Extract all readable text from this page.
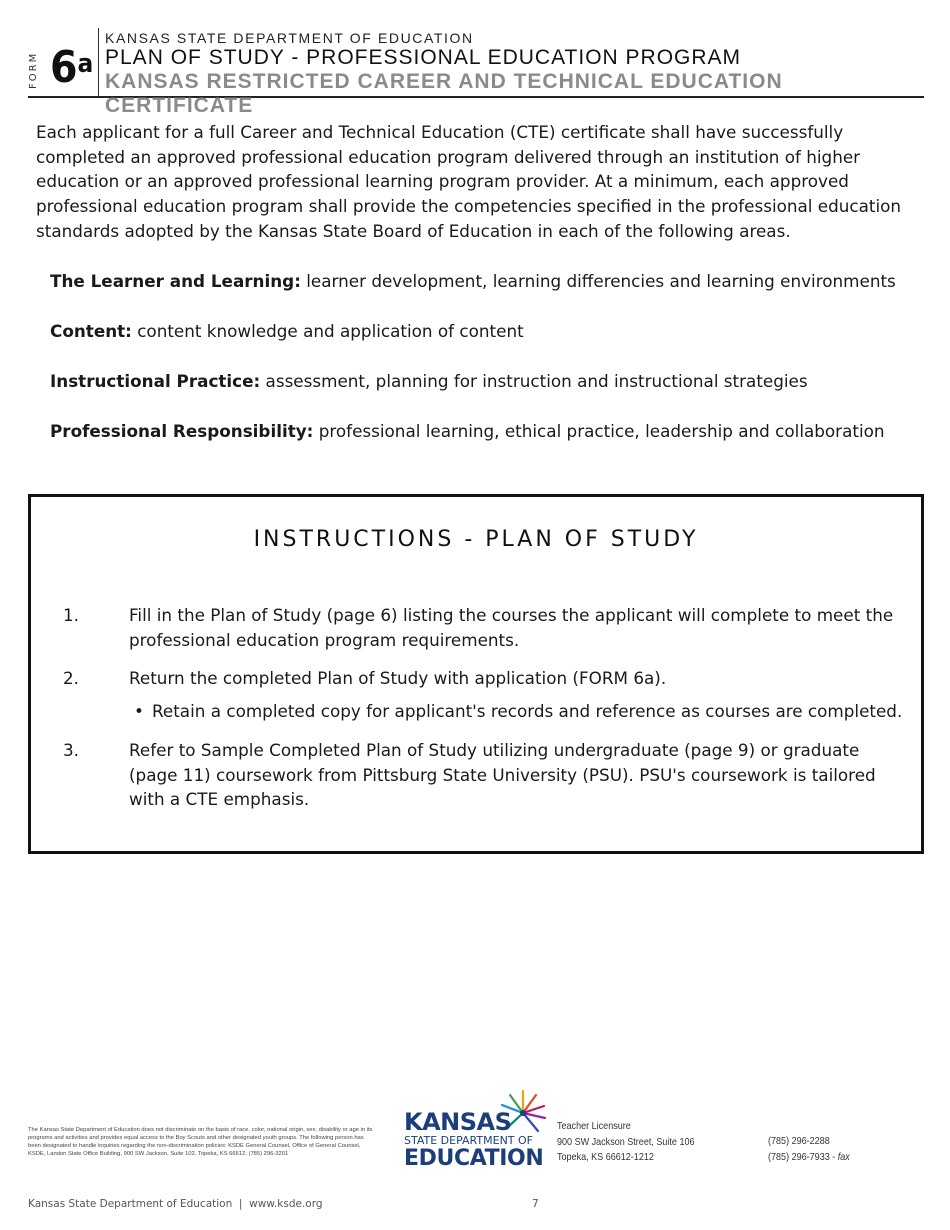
FORM 6$^a$
KANSAS STATE DEPARTMENT OF EDUCATION
PLAN OF STUDY - PROFESSIONAL EDUCATION PROGRAM
KANSAS RESTRICTED CAREER AND TECHNICAL EDUCATION CERTIFICATE

Each applicant for a full Career and Technical Education (CTE) certificate shall have successfully completed an approved professional education program delivered through an institution of higher education or an approved professional learning program provider. At a minimum, each approved professional education program shall provide the competencies specified in the professional education standards adopted by the Kansas State Board of Education in each of the following areas.

The Learner and Learning: learner development, learning differencies and learning environments
Content: content knowledge and application of content
Instructional Practice: assessment, planning for instruction and instructional strategies
Professional Responsibility: professional learning, ethical practice, leadership and collaboration
INSTRUCTIONS - PLAN OF STUDY
1.	Fill in the Plan of Study (page 6) listing the courses the applicant will complete to meet the professional education program requirements.
2.	Return the completed Plan of Study with application (FORM 6a).
• Retain a completed copy for applicant's records and reference as courses are completed.
3.	Refer to Sample Completed Plan of Study utilizing undergraduate (page 9) or graduate (page 11) coursework from Pittsburg State University (PSU). PSU's coursework is tailored with a CTE emphasis.

The Kansas State Department of Education does not discriminate on the basis of race, color, national origin, sex, disability or age in its programs and activities and provides equal access to the Boy Scouts and other designated youth groups. The following person has been designated to handle inquiries regarding the non-discrimination policies: KSDE General Counsel, Office of General Counsel, KSDE, Landon State Office Building, 900 SW Jackson, Suite 102, Topeka, KS 66612, (785) 296-3201

KANSAS
STATE DEPARTMENT OF
EDUCATION
Teacher Licensure
900 SW Jackson Street, Suite 106
Topeka, KS 66612-1212
(785) 296-2288
(785) 296-7933 - fax
Kansas State Department of Education  |  www.ksde.org	7
